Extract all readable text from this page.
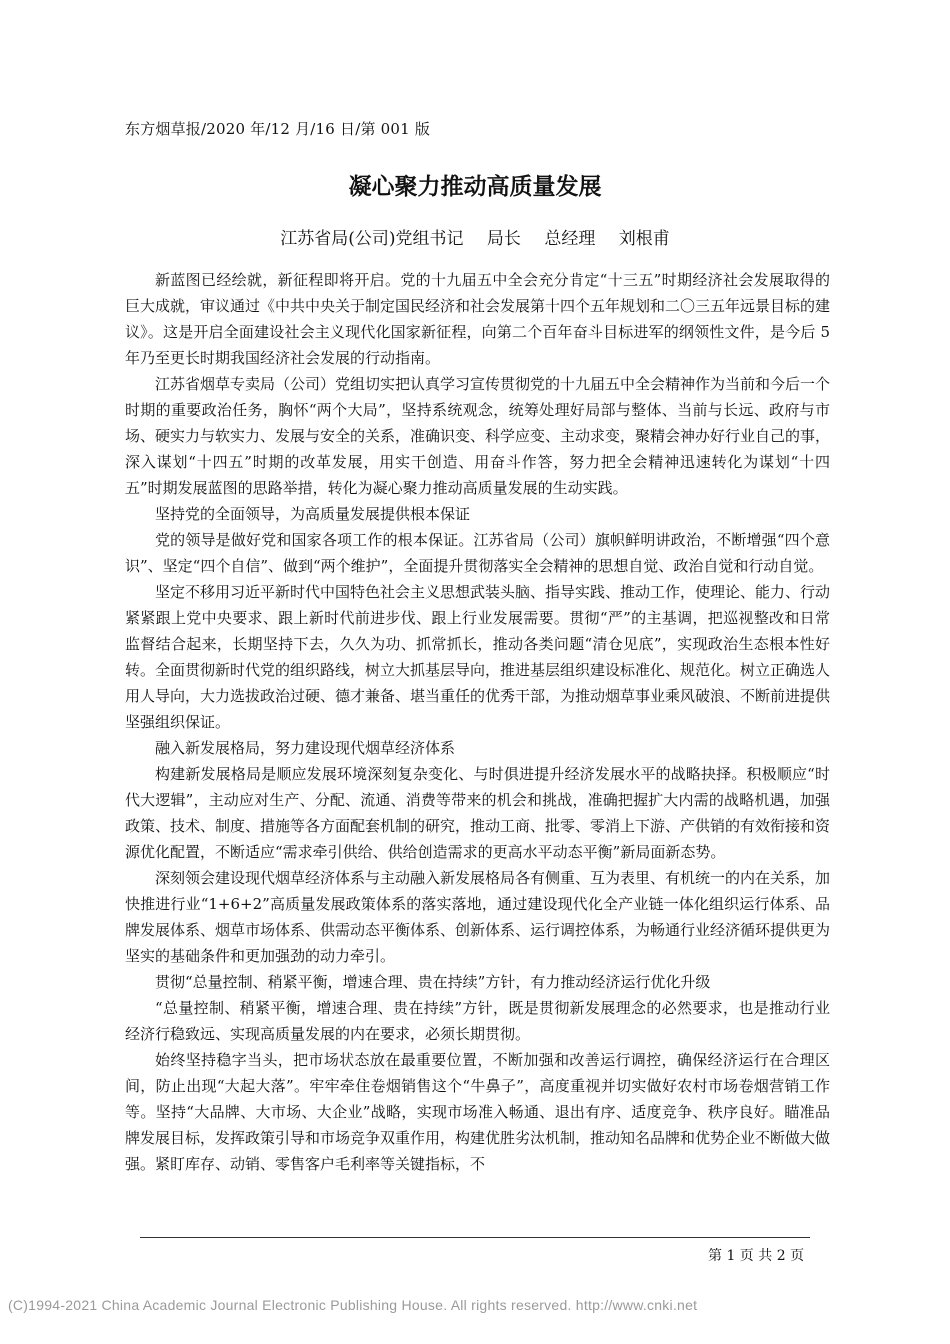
东方烟草报/2020 年/12 月/16 日/第 001 版
凝心聚力推动高质量发展
江苏省局(公司)党组书记 局长 总经理 刘根甫

新蓝图已经绘就，新征程即将开启。党的十九届五中全会充分肯定“十三五”时期经济社会发展取得的巨大成就，审议通过《中共中央关于制定国民经济和社会发展第十四个五年规划和二〇三五年远景目标的建议》。这是开启全面建设社会主义现代化国家新征程，向第二个百年奋斗目标进军的纲领性文件，是今后 5 年乃至更长时期我国经济社会发展的行动指南。

江苏省烟草专卖局（公司）党组切实把认真学习宣传贯彻党的十九届五中全会精神作为当前和今后一个时期的重要政治任务，胸怀“两个大局”，坚持系统观念，统筹处理好局部与整体、当前与长远、政府与市场、硬实力与软实力、发展与安全的关系，准确识变、科学应变、主动求变，聚精会神办好行业自己的事，深入谋划“十四五”时期的改革发展，用实干创造、用奋斗作答，努力把全会精神迅速转化为谋划“十四五”时期发展蓝图的思路举措，转化为凝心聚力推动高质量发展的生动实践。

坚持党的全面领导，为高质量发展提供根本保证

党的领导是做好党和国家各项工作的根本保证。江苏省局（公司）旗帜鲜明讲政治，不断增强“四个意识”、坚定“四个自信”、做到“两个维护”，全面提升贯彻落实全会精神的思想自觉、政治自觉和行动自觉。

坚定不移用习近平新时代中国特色社会主义思想武装头脑、指导实践、推动工作，使理论、能力、行动紧紧跟上党中央要求、跟上新时代前进步伐、跟上行业发展需要。贯彻“严”的主基调，把巡视整改和日常监督结合起来，长期坚持下去，久久为功、抓常抓长，推动各类问题“清仓见底”，实现政治生态根本性好转。全面贯彻新时代党的组织路线，树立大抓基层导向，推进基层组织建设标准化、规范化。树立正确选人用人导向，大力选拔政治过硬、德才兼备、堪当重任的优秀干部，为推动烟草事业乘风破浪、不断前进提供坚强组织保证。

融入新发展格局，努力建设现代烟草经济体系

构建新发展格局是顺应发展环境深刻复杂变化、与时俱进提升经济发展水平的战略抉择。积极顺应“时代大逻辑”，主动应对生产、分配、流通、消费等带来的机会和挑战，准确把握扩大内需的战略机遇，加强政策、技术、制度、措施等各方面配套机制的研究，推动工商、批零、零消上下游、产供销的有效衔接和资源优化配置，不断适应“需求牵引供给、供给创造需求的更高水平动态平衡”新局面新态势。

深刻领会建设现代烟草经济体系与主动融入新发展格局各有侧重、互为表里、有机统一的内在关系，加快推进行业“1+6+2”高质量发展政策体系的落实落地，通过建设现代化全产业链一体化组织运行体系、品牌发展体系、烟草市场体系、供需动态平衡体系、创新体系、运行调控体系，为畅通行业经济循环提供更为坚实的基础条件和更加强劲的动力牵引。

贯彻“总量控制、稍紧平衡，增速合理、贵在持续”方针，有力推动经济运行优化升级

“总量控制、稍紧平衡，增速合理、贵在持续”方针，既是贯彻新发展理念的必然要求，也是推动行业经济行稳致远、实现高质量发展的内在要求，必须长期贯彻。

始终坚持稳字当头，把市场状态放在最重要位置，不断加强和改善运行调控，确保经济运行在合理区间，防止出现“大起大落”。牢牢牵住卷烟销售这个“牛鼻子”，高度重视并切实做好农村市场卷烟营销工作等。坚持“大品牌、大市场、大企业”战略，实现市场准入畅通、退出有序、适度竞争、秩序良好。瞄准品牌发展目标，发挥政策引导和市场竞争双重作用，构建优胜劣汰机制，推动知名品牌和优势企业不断做大做强。紧盯库存、动销、零售客户毛利率等关键指标，不

第 1 页 共 2 页
(C)1994-2021 China Academic Journal Electronic Publishing House. All rights reserved. http://www.cnki.net
